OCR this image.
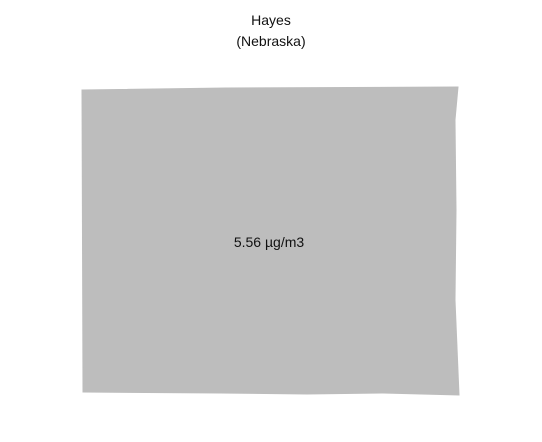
Hayes
(Nebraska)
5.56 µg/m3
